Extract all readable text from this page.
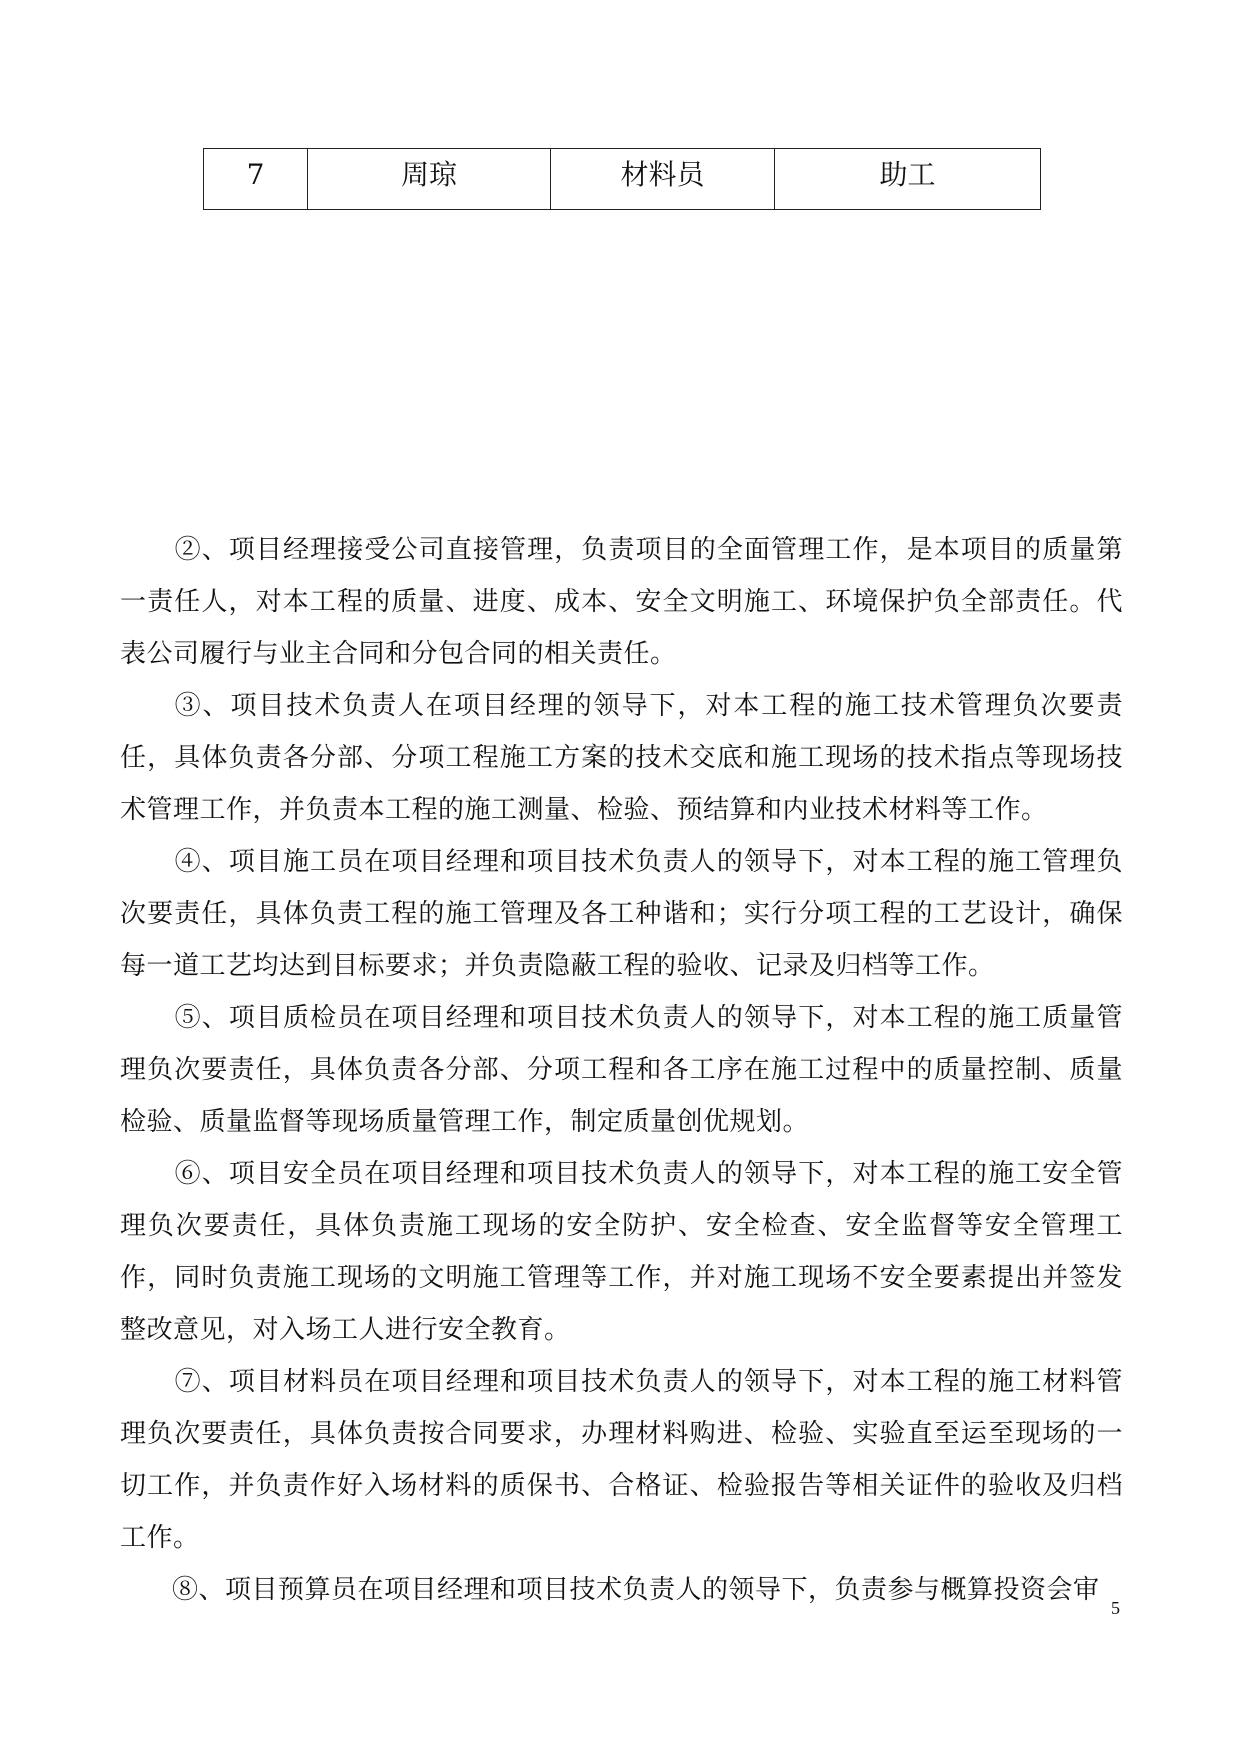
7	周琼	材料员	助工

②、项目经理接受公司直接管理，负责项目的全面管理工作，是本项目的质量第一责任人，对本工程的质量、进度、成本、安全文明施工、环境保护负全部责任。代表公司履行与业主合同和分包合同的相关责任。

③、项目技术负责人在项目经理的领导下，对本工程的施工技术管理负次要责任，具体负责各分部、分项工程施工方案的技术交底和施工现场的技术指点等现场技术管理工作，并负责本工程的施工测量、检验、预结算和内业技术材料等工作。

④、项目施工员在项目经理和项目技术负责人的领导下，对本工程的施工管理负次要责任，具体负责工程的施工管理及各工种谐和；实行分项工程的工艺设计，确保每一道工艺均达到目标要求；并负责隐蔽工程的验收、记录及归档等工作。

⑤、项目质检员在项目经理和项目技术负责人的领导下，对本工程的施工质量管理负次要责任，具体负责各分部、分项工程和各工序在施工过程中的质量控制、质量检验、质量监督等现场质量管理工作，制定质量创优规划。

⑥、项目安全员在项目经理和项目技术负责人的领导下，对本工程的施工安全管理负次要责任，具体负责施工现场的安全防护、安全检查、安全监督等安全管理工作，同时负责施工现场的文明施工管理等工作，并对施工现场不安全要素提出并签发整改意见，对入场工人进行安全教育。

⑦、项目材料员在项目经理和项目技术负责人的领导下，对本工程的施工材料管理负次要责任，具体负责按合同要求，办理材料购进、检验、实验直至运至现场的一切工作，并负责作好入场材料的质保书、合格证、检验报告等相关证件的验收及归档工作。

⑧、项目预算员在项目经理和项目技术负责人的领导下，负责参与概算投资会审

5
